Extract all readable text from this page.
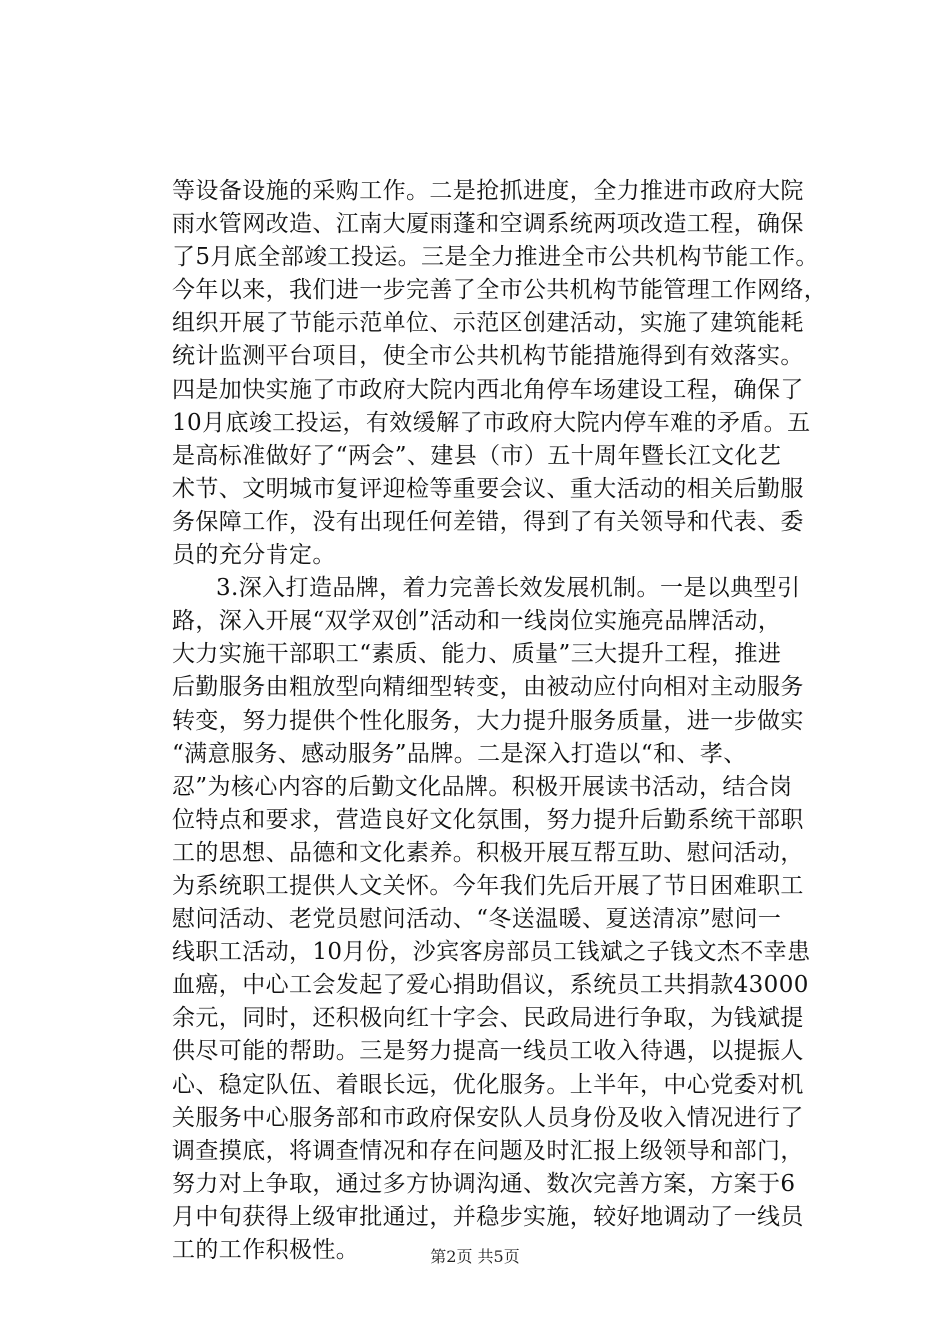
等设备设施的采购工作。二是抢抓进度，全力推进市政府大院
雨水管网改造、江南大厦雨蓬和空调系统两项改造工程，确保
了5月底全部竣工投运。三是全力推进全市公共机构节能工作。
今年以来，我们进一步完善了全市公共机构节能管理工作网络，
组织开展了节能示范单位、示范区创建活动，实施了建筑能耗
统计监测平台项目，使全市公共机构节能措施得到有效落实。
四是加快实施了市政府大院内西北角停车场建设工程，确保了
10月底竣工投运，有效缓解了市政府大院内停车难的矛盾。五
是高标准做好了“两会”、建县（市）五十周年暨长江文化艺
术节、文明城市复评迎检等重要会议、重大活动的相关后勤服
务保障工作，没有出现任何差错，得到了有关领导和代表、委
员的充分肯定。
3.深入打造品牌，着力完善长效发展机制。一是以典型引
路，深入开展“双学双创”活动和一线岗位实施亮品牌活动，
大力实施干部职工“素质、能力、质量”三大提升工程，推进
后勤服务由粗放型向精细型转变，由被动应付向相对主动服务
转变，努力提供个性化服务，大力提升服务质量，进一步做实
“满意服务、感动服务”品牌。二是深入打造以“和、孝、
忍”为核心内容的后勤文化品牌。积极开展读书活动，结合岗
位特点和要求，营造良好文化氛围，努力提升后勤系统干部职
工的思想、品德和文化素养。积极开展互帮互助、慰问活动，
为系统职工提供人文关怀。今年我们先后开展了节日困难职工
慰问活动、老党员慰问活动、“冬送温暖、夏送清凉”慰问一
线职工活动，10月份，沙宾客房部员工钱斌之子钱文杰不幸患
血癌，中心工会发起了爱心捐助倡议，系统员工共捐款43000
余元，同时，还积极向红十字会、民政局进行争取，为钱斌提
供尽可能的帮助。三是努力提高一线员工收入待遇，以提振人
心、稳定队伍、着眼长远，优化服务。上半年，中心党委对机
关服务中心服务部和市政府保安队人员身份及收入情况进行了
调查摸底，将调查情况和存在问题及时汇报上级领导和部门，
努力对上争取，通过多方协调沟通、数次完善方案，方案于6
月中旬获得上级审批通过，并稳步实施，较好地调动了一线员
工的工作积极性。	第2页 共5页
